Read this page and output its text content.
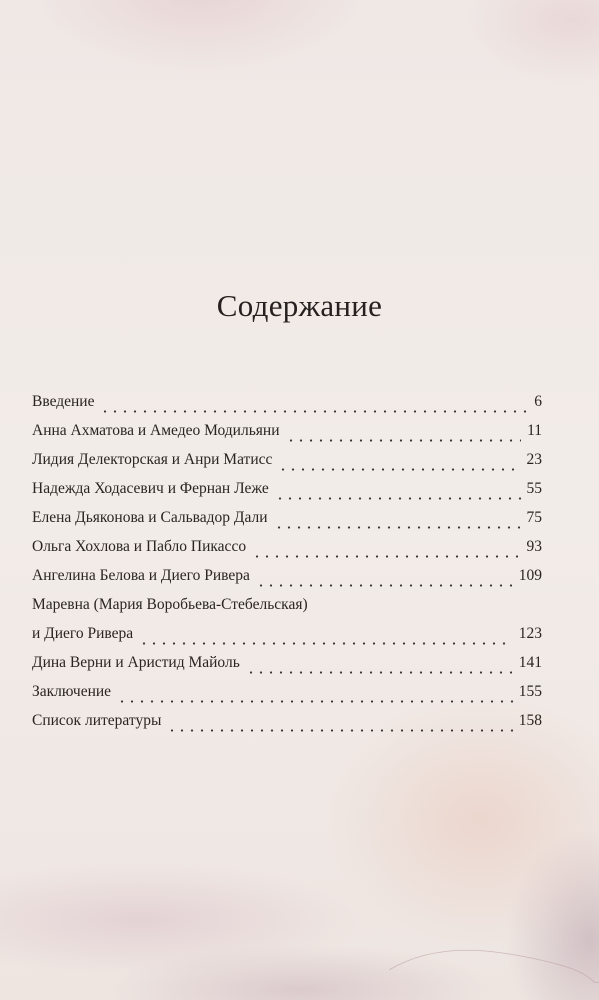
Содержание
Введение	6
Анна Ахматова и Амедео Модильяни	11
Лидия Делекторская и Анри Матисс	23
Надежда Ходасевич и Фернан Леже	55
Елена Дьяконова и Сальвадор Дали	75
Ольга Хохлова и Пабло Пикассо	93
Ангелина Белова и Диего Ривера	109
Маревна (Мария Воробьева-Стебельская)
и Диего Ривера	123
Дина Верни и Аристид Майоль	141
Заключение	155
Список литературы	158
